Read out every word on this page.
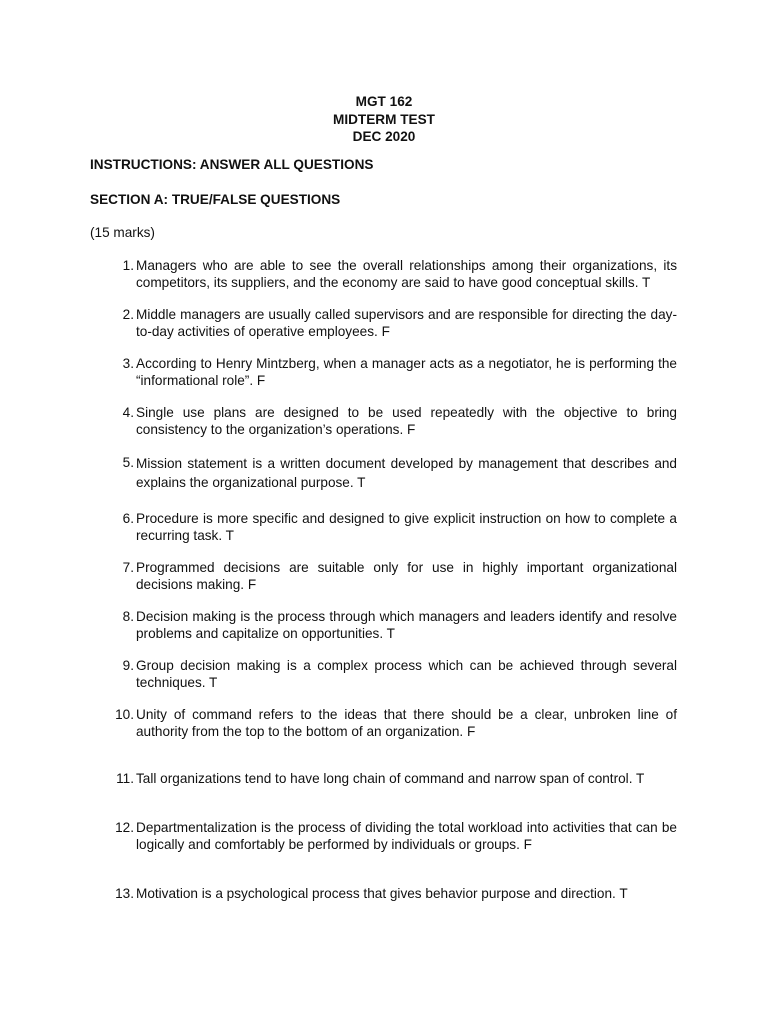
MGT 162
MIDTERM TEST
DEC 2020
INSTRUCTIONS: ANSWER ALL QUESTIONS
SECTION A: TRUE/FALSE QUESTIONS
(15 marks)
1. Managers who are able to see the overall relationships among their organizations, its competitors, its suppliers, and the economy are said to have good conceptual skills. T
2. Middle managers are usually called supervisors and are responsible for directing the day-to-day activities of operative employees. F
3. According to Henry Mintzberg, when a manager acts as a negotiator, he is performing the “informational role”. F
4. Single use plans are designed to be used repeatedly with the objective to bring consistency to the organization’s operations. F
5. Mission statement is a written document developed by management that describes and explains the organizational purpose. T
6. Procedure is more specific and designed to give explicit instruction on how to complete a recurring task. T
7. Programmed decisions are suitable only for use in highly important organizational decisions making. F
8. Decision making is the process through which managers and leaders identify and resolve problems and capitalize on opportunities. T
9. Group decision making is a complex process which can be achieved through several techniques. T
10. Unity of command refers to the ideas that there should be a clear, unbroken line of authority from the top to the bottom of an organization. F
11. Tall organizations tend to have long chain of command and narrow span of control. T
12. Departmentalization is the process of dividing the total workload into activities that can be logically and comfortably be performed by individuals or groups. F
13. Motivation is a psychological process that gives behavior purpose and direction. T
